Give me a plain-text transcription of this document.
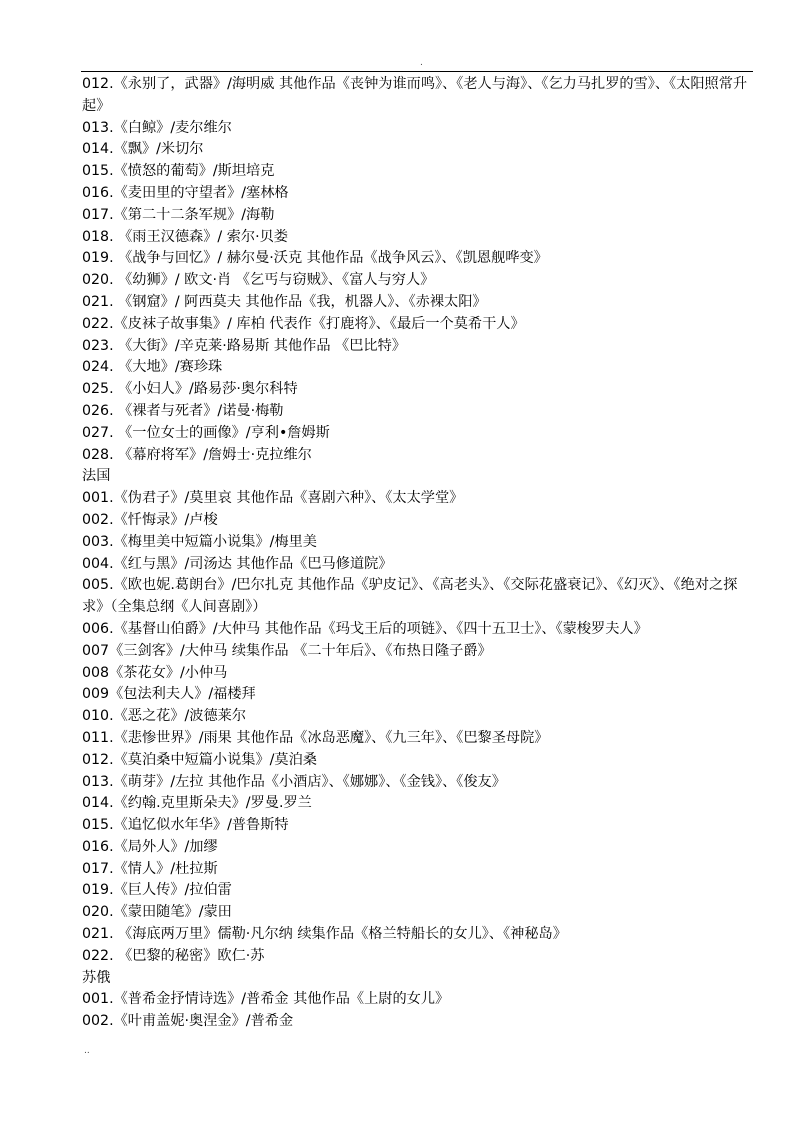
.
012.《永别了，武器》/海明威 其他作品《丧钟为谁而鸣》、《老人与海》、《乞力马扎罗的雪》、《太阳照常升起》
013.《白鲸》/麦尔维尔
014.《飘》/米切尔
015.《愤怒的葡萄》/斯坦培克
016.《麦田里的守望者》/塞林格
017.《第二十二条军规》/海勒
018. 《雨王汉德森》/ 索尔·贝娄
019. 《战争与回忆》/ 赫尔曼·沃克 其他作品《战争风云》、《凯恩舰哗变》
020. 《幼狮》/ 欧文·肖 《乞丐与窃贼》、《富人与穷人》
021. 《钢窟》/ 阿西莫夫 其他作品《我，机器人》、《赤裸太阳》
022.《皮袜子故事集》/ 库柏 代表作《打鹿将》、《最后一个莫希干人》
023. 《大街》/辛克莱·路易斯 其他作品 《巴比特》
024. 《大地》/赛珍珠
025. 《小妇人》/路易莎·奥尔科特
026. 《裸者与死者》/诺曼·梅勒
027. 《一位女士的画像》/亨利•詹姆斯
028. 《幕府将军》/詹姆士·克拉维尔
法国
001.《伪君子》/莫里哀 其他作品《喜剧六种》、《太太学堂》
002.《忏悔录》/卢梭
003.《梅里美中短篇小说集》/梅里美
004.《红与黑》/司汤达 其他作品《巴马修道院》
005.《欧也妮.葛朗台》/巴尔扎克 其他作品《驴皮记》、《高老头》、《交际花盛衰记》、《幻灭》、《绝对之探求》（全集总纲《人间喜剧》）
006.《基督山伯爵》/大仲马 其他作品《玛戈王后的项链》、《四十五卫士》、《蒙梭罗夫人》
007《三剑客》/大仲马 续集作品 《二十年后》、《布热日隆子爵》
008《茶花女》/小仲马
009《包法利夫人》/福楼拜
010.《恶之花》/波德莱尔
011.《悲惨世界》/雨果 其他作品《冰岛恶魔》、《九三年》、《巴黎圣母院》
012.《莫泊桑中短篇小说集》/莫泊桑
013.《萌芽》/左拉 其他作品《小酒店》、《娜娜》、《金钱》、《俊友》
014.《约翰.克里斯朵夫》/罗曼.罗兰
015.《追忆似水年华》/普鲁斯特
016.《局外人》/加缪
017.《情人》/杜拉斯
019.《巨人传》/拉伯雷
020.《蒙田随笔》/蒙田
021. 《海底两万里》儒勒·凡尔纳 续集作品《格兰特船长的女儿》、《神秘岛》
022. 《巴黎的秘密》欧仁·苏
苏俄
001.《普希金抒情诗选》/普希金 其他作品《上尉的女儿》
002.《叶甫盖妮·奥涅金》/普希金
..
